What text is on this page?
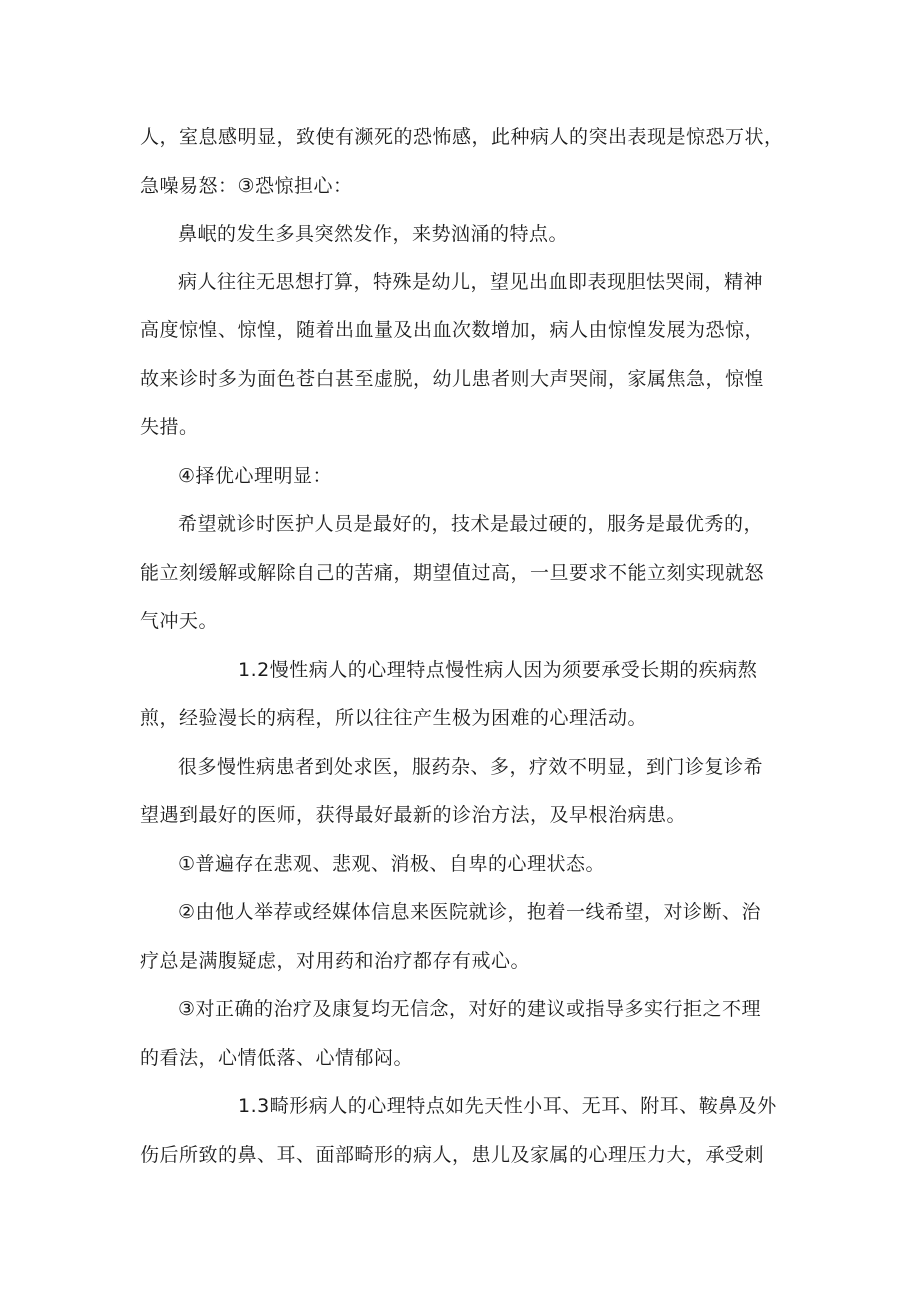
人，室息感明显，致使有濒死的恐怖感，此种病人的突出表现是惊恐万状，
急噪易怒：③恐惊担心：
鼻岷的发生多具突然发作，来势汹涌的特点。
病人往往无思想打算，特殊是幼儿，望见出血即表现胆怯哭闹，精神
高度惊惶、惊惶，随着出血量及出血次数增加，病人由惊惶发展为恐惊，
故来诊时多为面色苍白甚至虚脱，幼儿患者则大声哭闹，家属焦急，惊惶
失措。
④择优心理明显：
希望就诊时医护人员是最好的，技术是最过硬的，服务是最优秀的，
能立刻缓解或解除自己的苦痛，期望值过高，一旦要求不能立刻实现就怒
气冲天。
1.2慢性病人的心理特点慢性病人因为须要承受长期的疾病熬
煎，经验漫长的病程，所以往往产生极为困难的心理活动。
很多慢性病患者到处求医，服药杂、多，疗效不明显，到门诊复诊希
望遇到最好的医师，获得最好最新的诊治方法，及早根治病患。
①普遍存在悲观、悲观、消极、自卑的心理状态。
②由他人举荐或经媒体信息来医院就诊，抱着一线希望，对诊断、治
疗总是满腹疑虑，对用药和治疗都存有戒心。
③对正确的治疗及康复均无信念，对好的建议或指导多实行拒之不理
的看法，心情低落、心情郁闷。
1.3畸形病人的心理特点如先天性小耳、无耳、附耳、鞍鼻及外
伤后所致的鼻、耳、面部畸形的病人，患儿及家属的心理压力大，承受刺
